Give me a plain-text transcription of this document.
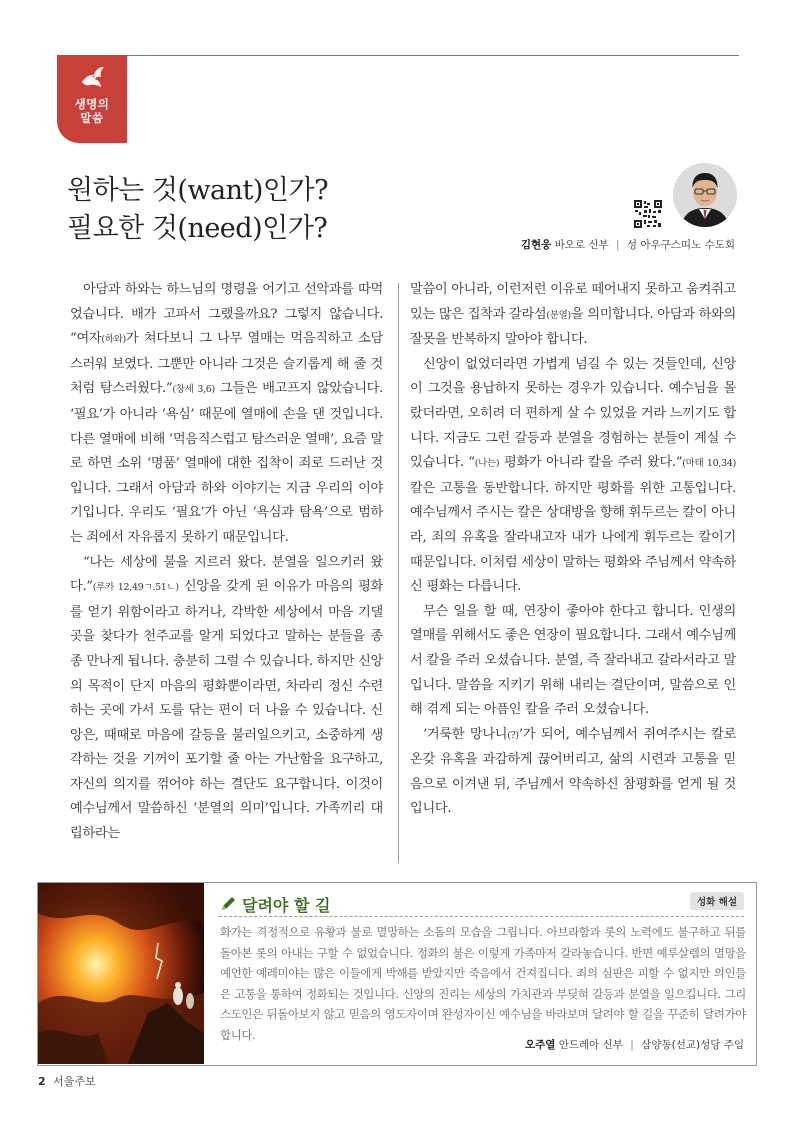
생명의
말씀
원하는 것(want)인가?
필요한 것(need)인가?
김현웅 바오로 신부 | 성 아우구스띠노 수도회

아담과 하와는 하느님의 명령을 어기고 선악과를 따먹었습니다. 배가 고파서 그랬을까요? 그렇지 않습니다. “여자(하와)가 쳐다보니 그 나무 열매는 먹음직하고 소담스러워 보였다. 그뿐만 아니라 그것은 슬기롭게 해 줄 것처럼 탐스러웠다.”(창세 3,6) 그들은 배고프지 않았습니다. ‘필요’가 아니라 ‘욕심’ 때문에 열매에 손을 댄 것입니다. 다른 열매에 비해 ‘먹음직스럽고 탐스러운 열매’, 요즘 말로 하면 소위 ‘명품’ 열매에 대한 집착이 죄로 드러난 것입니다. 그래서 아담과 하와 이야기는 지금 우리의 이야기입니다. 우리도 ‘필요’가 아닌 ‘욕심과 탐욕’으로 범하는 죄에서 자유롭지 못하기 때문입니다.

“나는 세상에 불을 지르러 왔다. 분열을 일으키러 왔다.”(루카 12,49ㄱ.51ㄴ) 신앙을 갖게 된 이유가 마음의 평화를 얻기 위함이라고 하거나, 각박한 세상에서 마음 기댈 곳을 찾다가 천주교를 알게 되었다고 말하는 분들을 종종 만나게 됩니다. 충분히 그럴 수 있습니다. 하지만 신앙의 목적이 단지 마음의 평화뿐이라면, 차라리 정신 수련하는 곳에 가서 도를 닦는 편이 더 나을 수 있습니다. 신앙은, 때때로 마음에 갈등을 불러일으키고, 소중하게 생각하는 것을 기꺼이 포기할 줄 아는 가난함을 요구하고, 자신의 의지를 꺾어야 하는 결단도 요구합니다. 이것이 예수님께서 말씀하신 ‘분열의 의미’입니다. 가족끼리 대립하라는

말씀이 아니라, 이런저런 이유로 떼어내지 못하고 움켜쥐고 있는 많은 집착과 갈라섬(분열)을 의미합니다. 아담과 하와의 잘못을 반복하지 말아야 합니다.

신앙이 없었더라면 가볍게 넘길 수 있는 것들인데, 신앙이 그것을 용납하지 못하는 경우가 있습니다. 예수님을 몰랐더라면, 오히려 더 편하게 살 수 있었을 거라 느끼기도 합니다. 지금도 그런 갈등과 분열을 경험하는 분들이 계실 수 있습니다. “(나는) 평화가 아니라 칼을 주러 왔다.”(마태 10,34) 칼은 고통을 동반합니다. 하지만 평화를 위한 고통입니다. 예수님께서 주시는 칼은 상대방을 향해 휘두르는 칼이 아니라, 죄의 유혹을 잘라내고자 내가 나에게 휘두르는 칼이기 때문입니다. 이처럼 세상이 말하는 평화와 주님께서 약속하신 평화는 다릅니다.

무슨 일을 할 때, 연장이 좋아야 한다고 합니다. 인생의 열매를 위해서도 좋은 연장이 필요합니다. 그래서 예수님께서 칼을 주러 오셨습니다. 분열, 즉 잘라내고 갈라서라고 말입니다. 말씀을 지키기 위해 내리는 결단이며, 말씀으로 인해 겪게 되는 아픔인 칼을 주러 오셨습니다.

‘거룩한 망나니(?)’가 되어, 예수님께서 쥐여주시는 칼로 온갖 유혹을 과감하게 끊어버리고, 삶의 시련과 고통을 믿음으로 이겨낸 뒤, 주님께서 약속하신 참평화를 얻게 될 것입니다.

달려야 할 길	성화 해설
화가는 격정적으로 유황과 불로 멸망하는 소돔의 모습을 그립니다. 아브라함과 롯의 노력에도 불구하고 뒤를 돌아본 롯의 아내는 구할 수 없었습니다. 정화의 불은 이렇게 가족마저 갈라놓습니다. 반면 예루살렘의 멸망을 예언한 예레미야는 많은 이들에게 박해를 받았지만 죽음에서 건져집니다. 죄의 심판은 피할 수 없지만 의인들은 고통을 통하여 정화되는 것입니다. 신앙의 진리는 세상의 가치관과 부딪혀 갈등과 분열을 일으킵니다. 그리스도인은 뒤돌아보지 않고 믿음의 영도자이며 완성자이신 예수님을 바라보며 달려야 할 길을 꾸준히 달려가야 합니다.
오주열 안드레아 신부 | 삼양동(선교)성당 주임
2 서울주보
